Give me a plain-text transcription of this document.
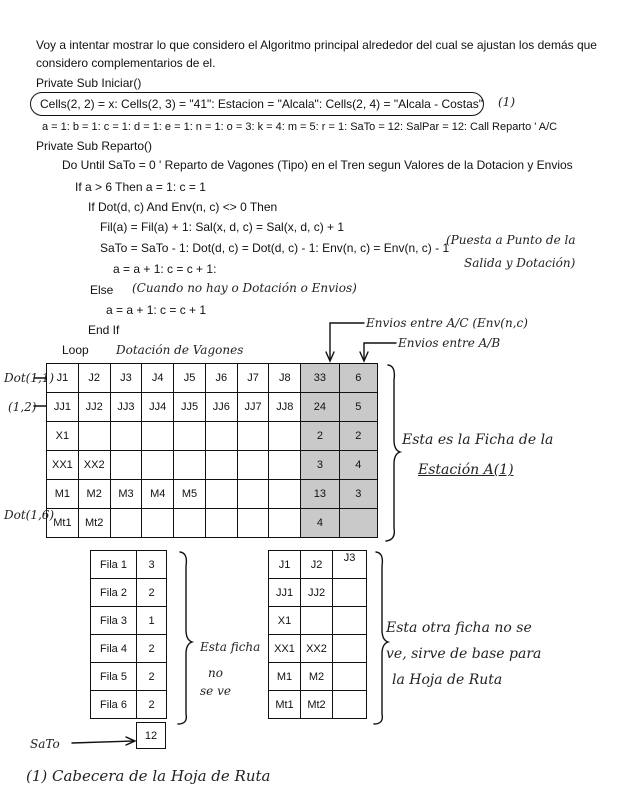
Voy a intentar mostrar lo que considero el Algoritmo principal alrededor del cual se ajustan los demás que
considero complementarios de el.
Private Sub Iniciar()
Cells(2, 2) = x: Cells(2, 3) = "41": Estacion = "Alcala": Cells(2, 4) = "Alcala - Costas" (1)
a = 1: b = 1: c = 1: d = 1: e = 1: n = 1: o = 3: k = 4: m = 5: r = 1: SaTo = 12: SalPar = 12: Call Reparto ' A/C
Private Sub Reparto()
Do Until SaTo = 0 ' Reparto de Vagones (Tipo) en el Tren segun Valores de la Dotacion y Envios
If a > 6 Then a = 1: c = 1
If Dot(d, c) And Env(n, c) <> 0 Then
Fil(a) = Fil(a) + 1: Sal(x, d, c) = Sal(x, d, c) + 1
SaTo = SaTo - 1: Dot(d, c) = Dot(d, c) - 1: Env(n, c) = Env(n, c) - 1
(Puesta a Punto de la
Salida y Dotación)
a = a + 1: c = c + 1:
Else (Cuando no hay o Dotación o Envios)
a = a + 1: c = c + 1
End If
Loop
Envios entre A/C (Env(n,c)
Envios entre A/B
Dotación de Vagones
Dot(1,1)
(1,2)
Dot(1,6)
Esta es la Ficha de la
Estación A(1)
J1	J2	J3	J4	J5	J6	J7	J8	33	6
JJ1	JJ2	JJ3	JJ4	JJ5	JJ6	JJ7	JJ8	24	5
X1								2	2
XX1	XX2							3	4
M1	M2	M3	M4	M5				13	3
Mt1	Mt2							4	
Fila 1	3
Fila 2	2
Fila 3	1
Fila 4	2
Fila 5	2
Fila 6	2
12
SaTo
Esta ficha
no
se ve
J1	J2	J3
JJ1	JJ2	
X1		
XX1	XX2	
M1	M2	
Mt1	Mt2	
Esta otra ficha no se
ve, sirve de base para
la Hoja de Ruta
(1) Cabecera de la Hoja de Ruta
